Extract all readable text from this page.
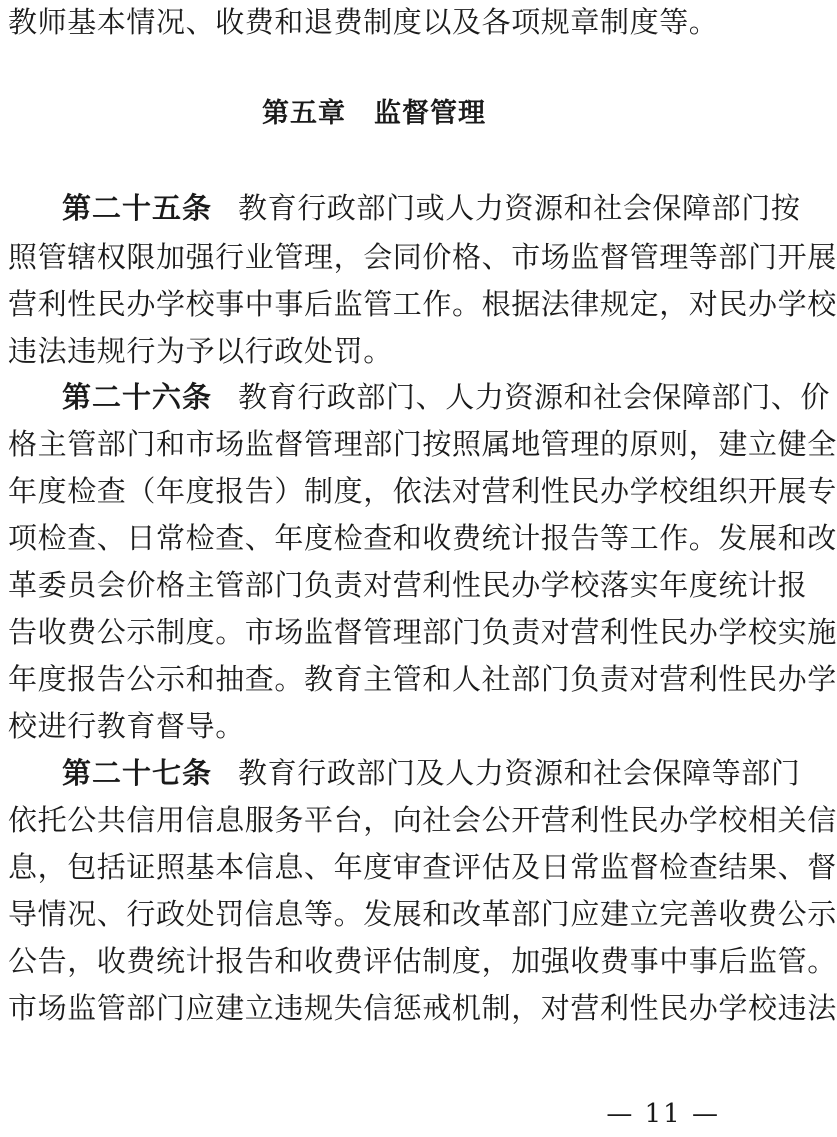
教师基本情况、收费和退费制度以及各项规章制度等。
第五章 监督管理
第二十五条 教育行政部门或人力资源和社会保障部门按
照管辖权限加强行业管理，会同价格、市场监督管理等部门开展
营利性民办学校事中事后监管工作。根据法律规定，对民办学校
违法违规行为予以行政处罚。
第二十六条 教育行政部门、人力资源和社会保障部门、价
格主管部门和市场监督管理部门按照属地管理的原则，建立健全
年度检查（年度报告）制度，依法对营利性民办学校组织开展专
项检查、日常检查、年度检查和收费统计报告等工作。发展和改
革委员会价格主管部门负责对营利性民办学校落实年度统计报
告收费公示制度。市场监督管理部门负责对营利性民办学校实施
年度报告公示和抽查。教育主管和人社部门负责对营利性民办学
校进行教育督导。
第二十七条 教育行政部门及人力资源和社会保障等部门
依托公共信用信息服务平台，向社会公开营利性民办学校相关信
息，包括证照基本信息、年度审查评估及日常监督检查结果、督
导情况、行政处罚信息等。发展和改革部门应建立完善收费公示
公告，收费统计报告和收费评估制度，加强收费事中事后监管。
市场监管部门应建立违规失信惩戒机制，对营利性民办学校违法
— 11 —
